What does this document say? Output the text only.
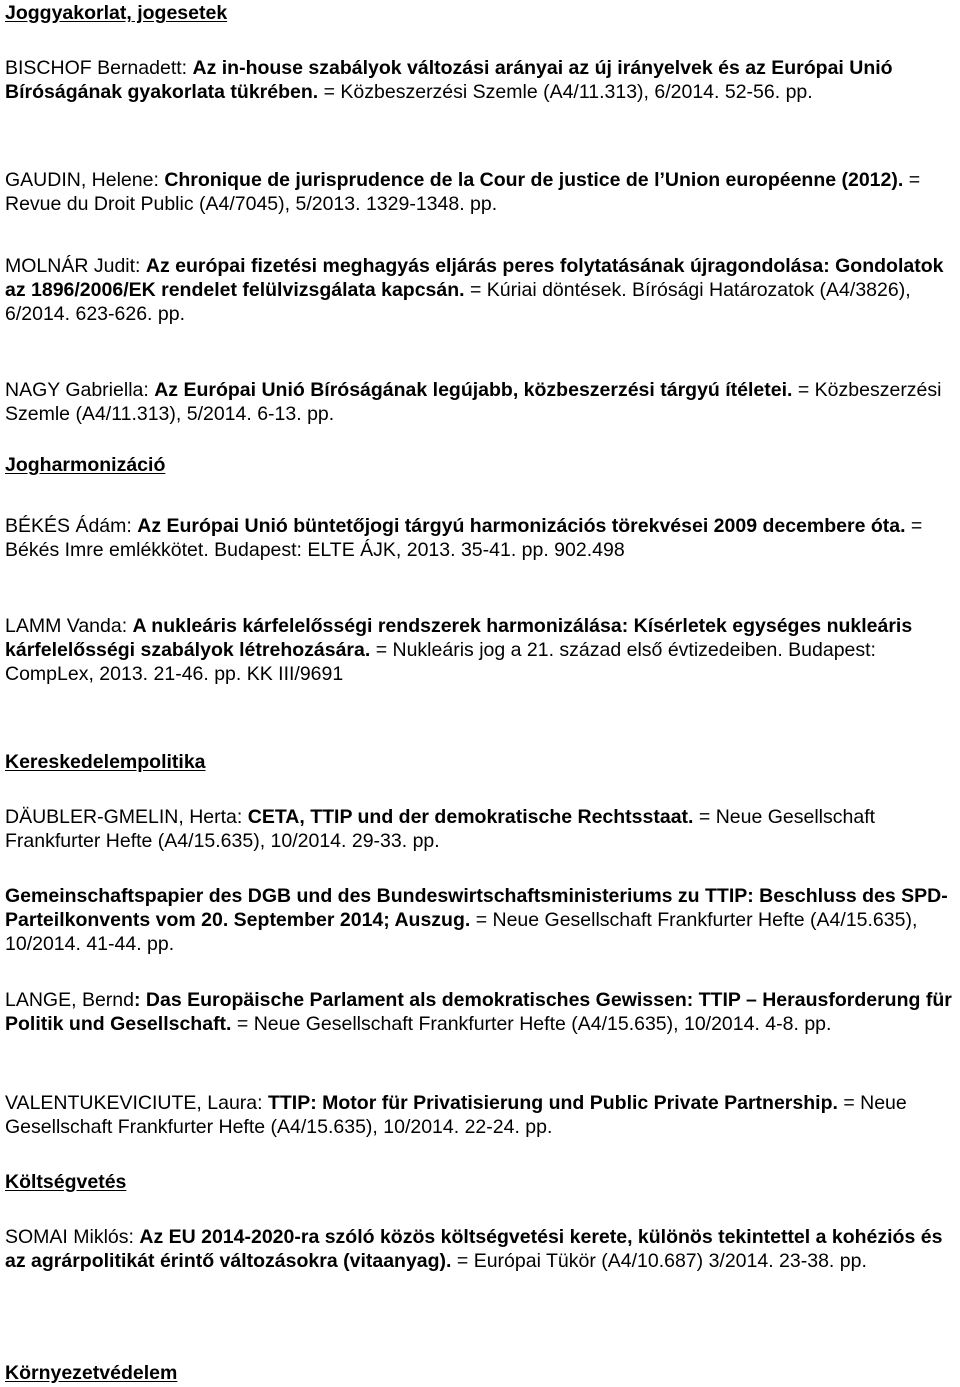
Joggyakorlat, jogesetek
BISCHOF Bernadett: Az in-house szabályok változási arányai az új irányelvek és az Európai Unió Bíróságának gyakorlata tükrében. = Közbeszerzési Szemle (A4/11.313), 6/2014. 52-56. pp.
GAUDIN, Helene: Chronique de jurisprudence de la Cour de justice de l’Union européenne (2012). = Revue du Droit Public (A4/7045), 5/2013. 1329-1348. pp.
MOLNÁR Judit: Az európai fizetési meghagyás eljárás peres folytatásának újragondolása: Gondolatok az 1896/2006/EK rendelet felülvizsgálata kapcsán. = Kúriai döntések. Bírósági Határozatok (A4/3826), 6/2014. 623-626. pp.
NAGY Gabriella: Az Európai Unió Bíróságának legújabb, közbeszerzési tárgyú ítéletei. = Közbeszerzési Szemle (A4/11.313), 5/2014. 6-13. pp.
Jogharmonizáció
BÉKÉS Ádám: Az Európai Unió büntetőjogi tárgyú harmonizációs törekvései 2009 decembere óta. = Békés Imre emlékkötet. Budapest: ELTE ÁJK, 2013. 35-41. pp. 902.498
LAMM Vanda: A nukleáris kárfelelősségi rendszerek harmonizálása: Kísérletek egységes nukleáris kárfelelősségi szabályok létrehozására. = Nukleáris jog a 21. század első évtizedeiben. Budapest: CompLex, 2013. 21-46. pp. KK III/9691
Kereskedelempolitika
DÄUBLER-GMELIN, Herta: CETA, TTIP und der demokratische Rechtsstaat. = Neue Gesellschaft Frankfurter Hefte (A4/15.635), 10/2014. 29-33. pp.
Gemeinschaftspapier des DGB und des Bundeswirtschaftsministeriums zu TTIP: Beschluss des SPD-Parteilkonvents vom 20. September 2014; Auszug. = Neue Gesellschaft Frankfurter Hefte (A4/15.635), 10/2014. 41-44. pp.
LANGE, Bernd: Das Europäische Parlament als demokratisches Gewissen: TTIP – Herausforderung für Politik und Gesellschaft. = Neue Gesellschaft Frankfurter Hefte (A4/15.635), 10/2014. 4-8. pp.
VALENTUKEVICIUTE, Laura: TTIP: Motor für Privatisierung und Public Private Partnership. = Neue Gesellschaft Frankfurter Hefte (A4/15.635), 10/2014. 22-24. pp.
Költségvetés
SOMAI Miklós: Az EU 2014-2020-ra szóló közös költségvetési kerete, különös tekintettel a kohéziós és az agrárpolitikát érintő változásokra (vitaanyag). = Európai Tükör (A4/10.687) 3/2014. 23-38. pp.
Környezetvédelem
